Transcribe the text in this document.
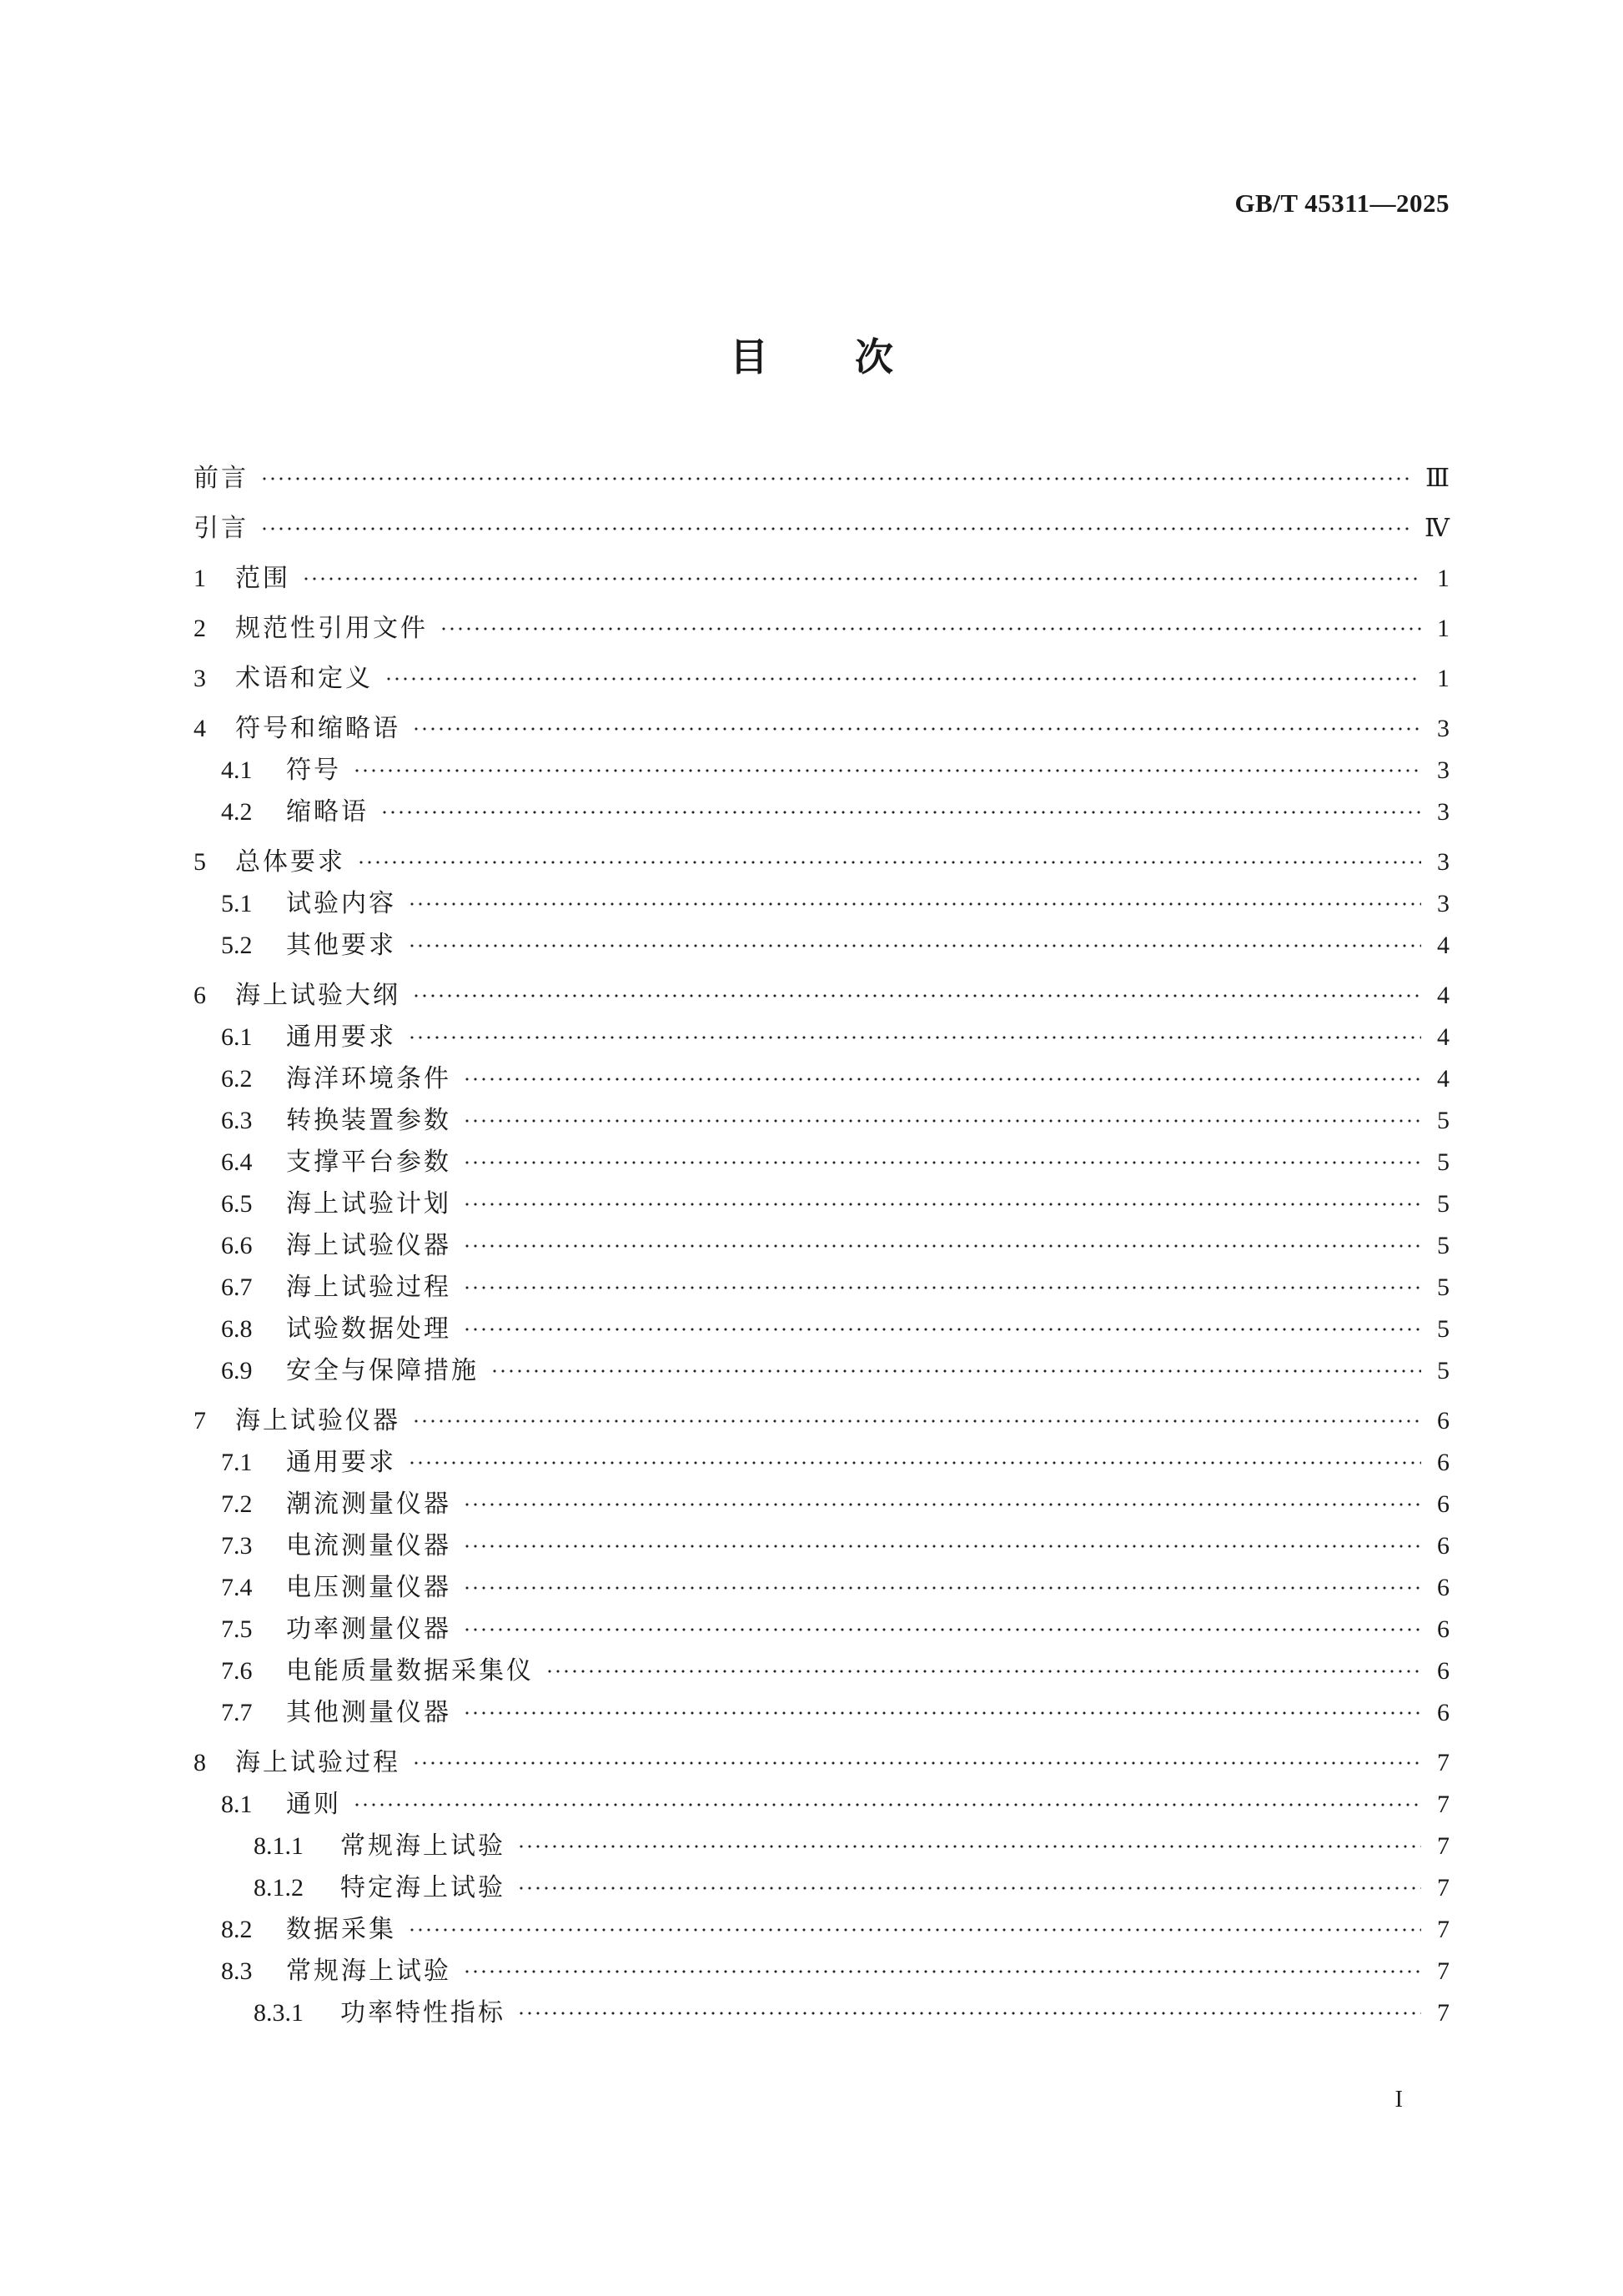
GB/T 45311—2025
目次
前言	Ⅲ
引言	Ⅳ
1	范围	1
2	规范性引用文件	1
3	术语和定义	1
4	符号和缩略语	3
4.1	符号	3
4.2	缩略语	3
5	总体要求	3
5.1	试验内容	3
5.2	其他要求	4
6	海上试验大纲	4
6.1	通用要求	4
6.2	海洋环境条件	4
6.3	转换装置参数	5
6.4	支撑平台参数	5
6.5	海上试验计划	5
6.6	海上试验仪器	5
6.7	海上试验过程	5
6.8	试验数据处理	5
6.9	安全与保障措施	5
7	海上试验仪器	6
7.1	通用要求	6
7.2	潮流测量仪器	6
7.3	电流测量仪器	6
7.4	电压测量仪器	6
7.5	功率测量仪器	6
7.6	电能质量数据采集仪	6
7.7	其他测量仪器	6
8	海上试验过程	7
8.1	通则	7
8.1.1	常规海上试验	7
8.1.2	特定海上试验	7
8.2	数据采集	7
8.3	常规海上试验	7
8.3.1	功率特性指标	7
I
